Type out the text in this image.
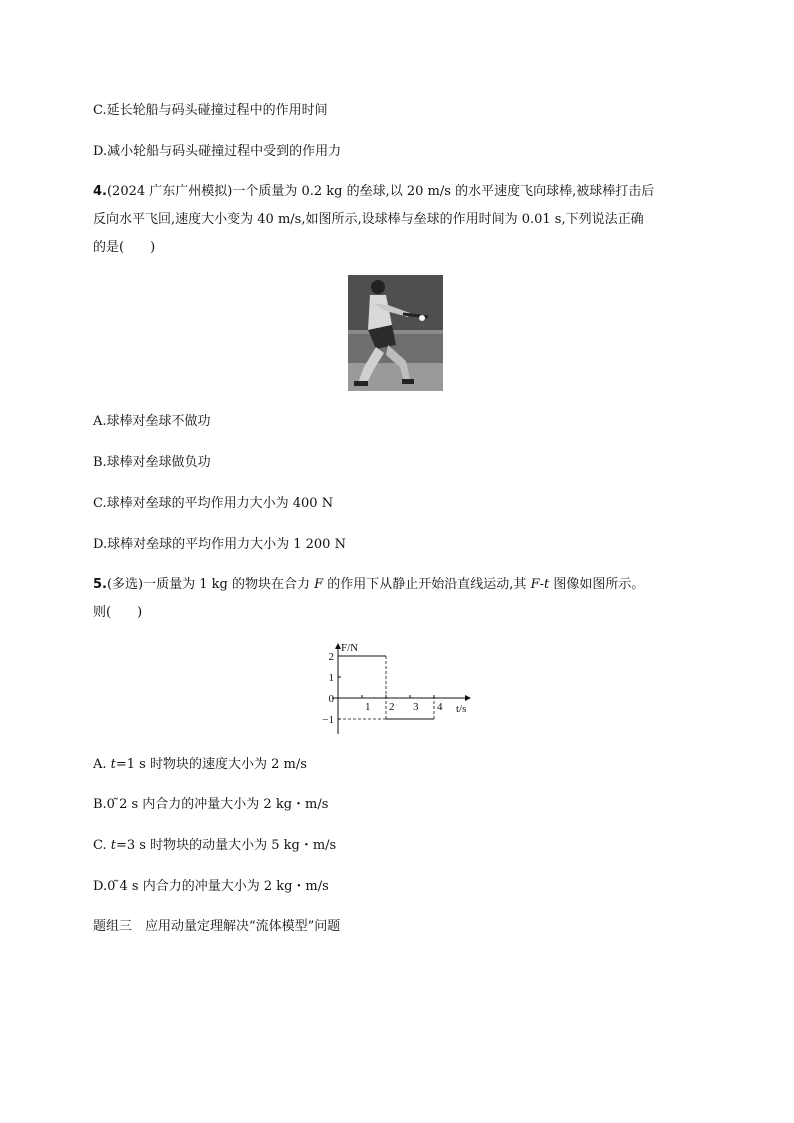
C.延长轮船与码头碰撞过程中的作用时间
D.减小轮船与码头碰撞过程中受到的作用力
4.(2024 广东广州模拟)一个质量为 0.2 kg 的垒球,以 20 m/s 的水平速度飞向球棒,被球棒打击后
反向水平飞回,速度大小变为 40 m/s,如图所示,设球棒与垒球的作用时间为 0.01 s,下列说法正确
的是(　　)
A.球棒对垒球不做功
B.球棒对垒球做负功
C.球棒对垒球的平均作用力大小为 400 N
D.球棒对垒球的平均作用力大小为 1 200 N
5.(多选)一质量为 1 kg 的物块在合力 F 的作用下从静止开始沿直线运动,其 F-t 图像如图所示。
则(　　)
F/N
t/s
1 2 3 4
2
1
0
−1
A. t=1 s 时物块的速度大小为 2 m/s
B.0 ̃2 s 内合力的冲量大小为 2 kg・m/s
C. t=3 s 时物块的动量大小为 5 kg・m/s
D.0 ̃4 s 内合力的冲量大小为 2 kg・m/s
题组三　应用动量定理解决“流体模型”问题
